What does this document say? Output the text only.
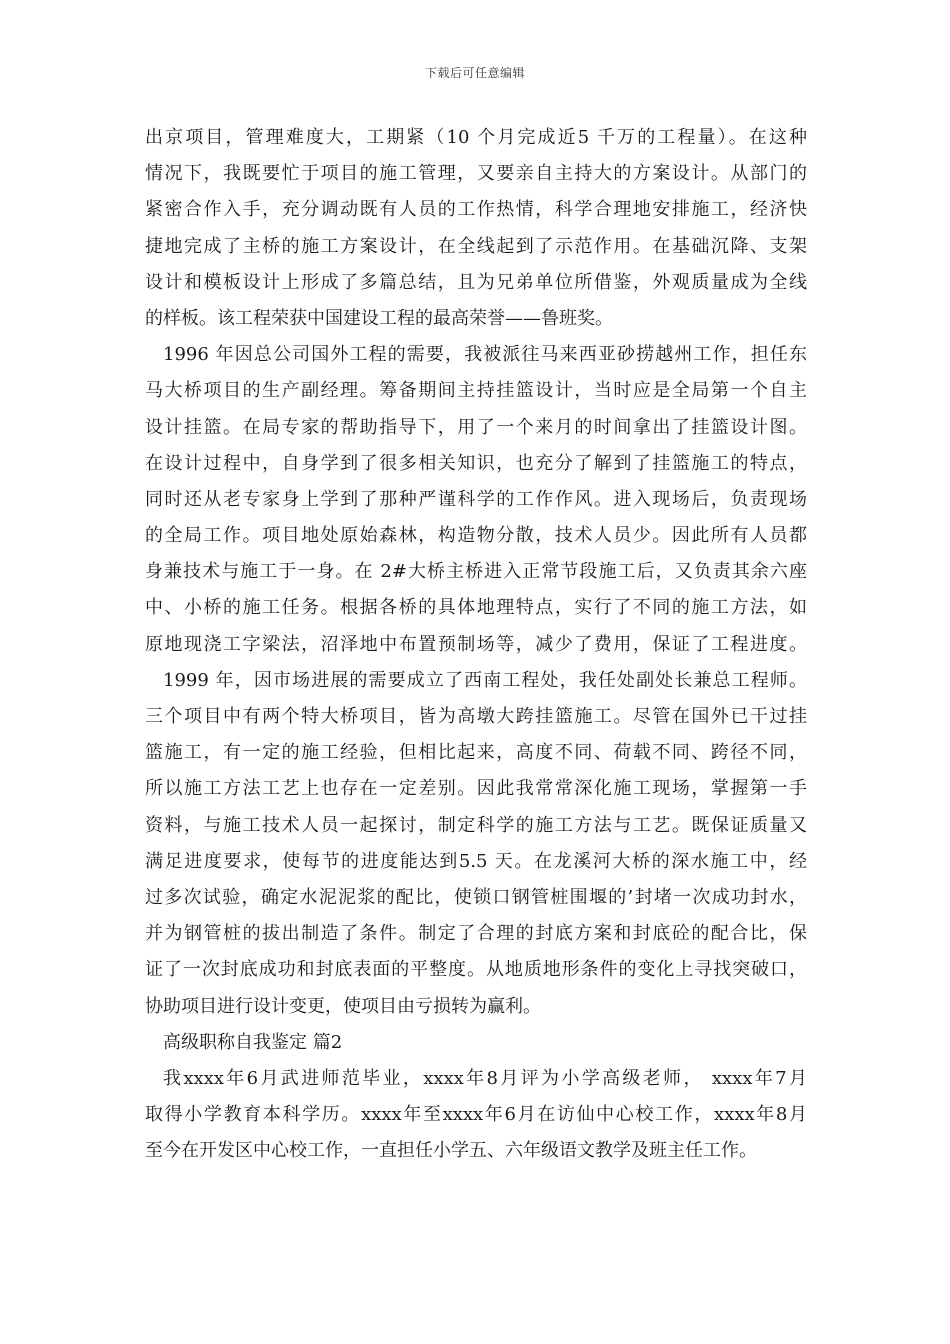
下载后可任意编辑
出京项目，管理难度大，工期紧（10 个月完成近5 千万的工程量）。在这种
情况下，我既要忙于项目的施工管理，又要亲自主持大的方案设计。从部门的
紧密合作入手，充分调动既有人员的工作热情，科学合理地安排施工，经济快
捷地完成了主桥的施工方案设计，在全线起到了示范作用。在基础沉降、支架
设计和模板设计上形成了多篇总结，且为兄弟单位所借鉴，外观质量成为全线
的样板。该工程荣获中国建设工程的最高荣誉——鲁班奖。
1996 年因总公司国外工程的需要，我被派往马来西亚砂捞越州工作，担任东
马大桥项目的生产副经理。筹备期间主持挂篮设计，当时应是全局第一个自主
设计挂篮。在局专家的帮助指导下，用了一个来月的时间拿出了挂篮设计图。
在设计过程中，自身学到了很多相关知识，也充分了解到了挂篮施工的特点，
同时还从老专家身上学到了那种严谨科学的工作作风。进入现场后，负责现场
的全局工作。项目地处原始森林，构造物分散，技术人员少。因此所有人员都
身兼技术与施工于一身。在 2#大桥主桥进入正常节段施工后，又负责其余六座
中、小桥的施工任务。根据各桥的具体地理特点，实行了不同的施工方法，如
原地现浇工字梁法，沼泽地中布置预制场等，减少了费用，保证了工程进度。
1999 年，因市场进展的需要成立了西南工程处，我任处副处长兼总工程师。
三个项目中有两个特大桥项目，皆为高墩大跨挂篮施工。尽管在国外已干过挂
篮施工，有一定的施工经验，但相比起来，高度不同、荷载不同、跨径不同，
所以施工方法工艺上也存在一定差别。因此我常常深化施工现场，掌握第一手
资料，与施工技术人员一起探讨，制定科学的施工方法与工艺。既保证质量又
满足进度要求，使每节的进度能达到5.5 天。在龙溪河大桥的深水施工中，经
过多次试验，确定水泥泥浆的配比，使锁口钢管桩围堰的’封堵一次成功封水，
并为钢管桩的拔出制造了条件。制定了合理的封底方案和封底砼的配合比，保
证了一次封底成功和封底表面的平整度。从地质地形条件的变化上寻找突破口，
协助项目进行设计变更，使项目由亏损转为赢利。
高级职称自我鉴定 篇2
我xxxx年6月武进师范毕业，xxxx年8月评为小学高级老师， xxxx年7月
取得小学教育本科学历。xxxx年至xxxx年6月在访仙中心校工作，xxxx年8月
至今在开发区中心校工作，一直担任小学五、六年级语文教学及班主任工作。
